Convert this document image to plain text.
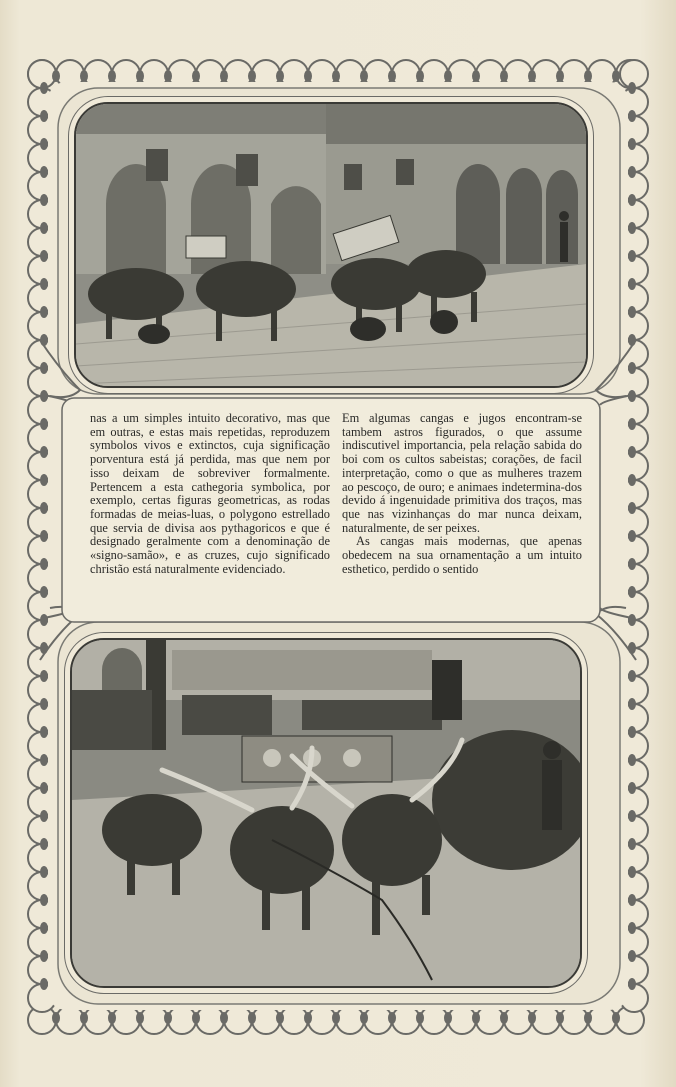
nas a um simples intuito decorativo, mas que em outras, e estas mais repetidas, reproduzem symbolos vivos e extinctos, cuja significação porventura está já perdida, mas que nem por isso deixam de sobreviver formalmente. Pertencem a esta cathegoria symbolica, por exemplo, certas figuras geometricas, as rodas formadas de meias-luas, o polygono estrellado que servia de divisa aos pythagoricos e que é designado geralmente com a denominação de «signo-samão», e as cruzes, cujo significado christão está naturalmente evidenciado.

Em algumas cangas e jugos encontram-se tambem astros figurados, o que assume indiscutivel importancia, pela relação sabida do boi com os cultos sabeistas; corações, de facil interpretação, como o que as mulheres trazem ao pescoço, de ouro; e animaes indetermina-dos devido á ingenuidade primitiva dos traços, mas que nas vizinhanças do mar nunca deixam, naturalmente, de ser peixes.

As cangas mais modernas, que apenas obedecem na sua ornamentação a um intuito esthetico, perdido o sentido
